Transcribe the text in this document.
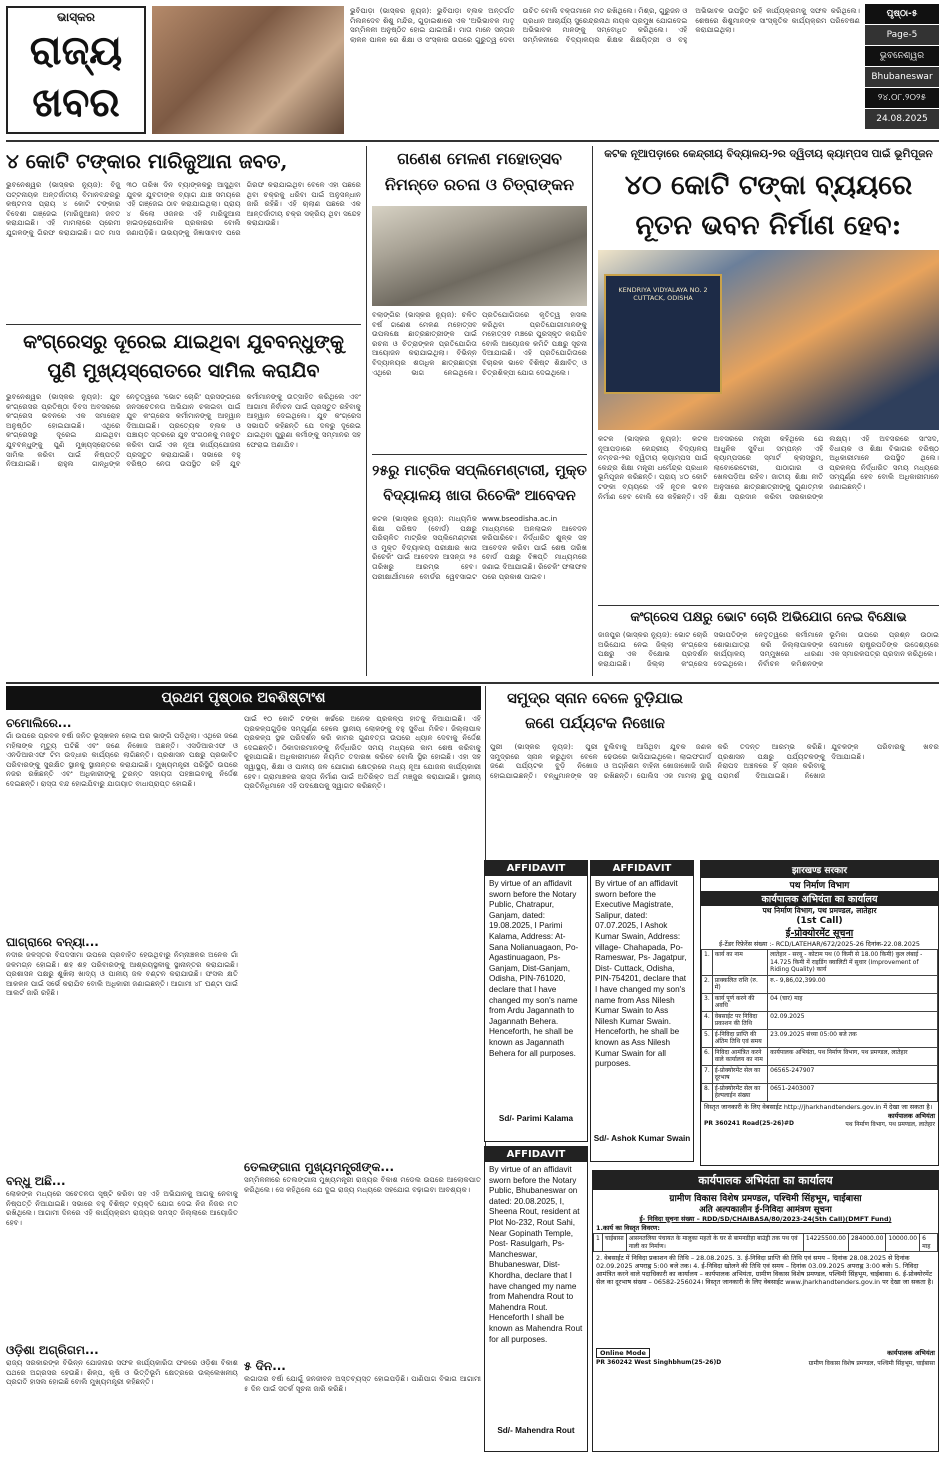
ଭାସ୍କର
ରାଜ୍ୟ
ଖବର
ଭୁବିପାଡ଼ା (ଭାସ୍କର ନ୍ୟୁଜ): ଭୁବିପାଡ଼ା ବ୍ଲକ ଅନ୍ତର୍ଗତ ମିଲନଦେବ ଶିଶୁ ମନ୍ଦିର, ଗୁଡ଼ାଇଶାରେ ଏକ 'ଅଭିଭାବକ ମାତୃ ସମ୍ମିଳନୀ ଅନୁଷ୍ଠିତ ହୋଇ ଯାଇଅଛି। ମାତା ମାନେ ସନ୍ତାନ ଲାଳନ ପାଳନ ରେ ଶିକ୍ଷା ଓ ସଂସ୍କାର ଉପରେ ଗୁରୁତ୍ୱ ଦେବା ଉଚିତ ବୋଲି ବକ୍ତାମାନେ ମତ ରଖିଥିଲେ। ମିଶ୍ର, ଗୁରୁଜନ ଓ ପ୍ରଧାନ ଆଚାର୍ଯ୍ୟ ସୁରେନ୍ଦ୍ରନାଥ ନାୟକ ପ୍ରମୁଖ ଯୋଗଦେଇ ଅଭିଭାବକ ମାନଙ୍କୁ ସମ୍ବୋଧିତ କରିଥିଲେ। ଏହି ସମ୍ମିଳନୀରେ ବିଦ୍ୟାଳୟର ଶିକ୍ଷକ ଶିକ୍ଷୟିତ୍ରୀ ଓ ବହୁ ଅଭିଭାବକ ଉପସ୍ଥିତ ରହି କାର୍ଯ୍ୟକ୍ରମକୁ ସଫଳ କରିଥିଲେ। ଶେଷରେ ଶିଶୁମାନଙ୍କ ସାଂସ୍କୃତିକ କାର୍ଯ୍ୟକ୍ରମ ପରିବେଷଣ କରାଯାଇଥିଲା।
ପୃଷ୍ଠା-୫
Page-5
ଭୁବନେଶ୍ୱର
Bhubaneswar
୨୪.୦୮.୨୦୨୫
24.08.2025
୪ କୋଟି ଟଙ୍କାର ମାରିଜୁଆନା ଜବତ,
ଭୁବନେଶ୍ୱର (ଭାସ୍କର ନ୍ୟୁଜ): ବିଜୁ ପଟ୍ଟନାୟକ ଅନ୍ତର୍ଜାତୀୟ ବିମାନବନ୍ଦରରୁ କଷ୍ଟମସ ପ୍ରାୟ ୪ କୋଟି ଟଙ୍କାର ବିଦେଶୀ ଗଞ୍ଜେଇ (ମାରିଜୁଆନା) ଜବତ କରାଯାଇଛି। ଏହି ମାମଲାରେ ପ୍ରେମୀ ଯୁଗଳଙ୍କୁ ଗିରଫ କରାଯାଇଛି। ଗତ ମାସ ୩୦ ତାରିଖ ଦିନ ବ୍ୟାଙ୍କକରୁ ଆସୁଥିବା ଯୁବକ ଯୁବତୀଙ୍କ ବ୍ୟାଗ ଯାଞ୍ଚ ସମୟରେ ଏହି ଗଞ୍ଜେଇ ଠାବ କରାଯାଇଥିଲା। ପ୍ରାୟ ୪ କିଲୋ ଓଜନର ଏହି ମାରିଜୁଆନା ହାଇଡ୍ରୋପୋନିକ ପ୍ରକାରର ବୋଲି ଜଣାପଡ଼ିଛି। ଉଭୟଙ୍କୁ ଜିଜ୍ଞାସାବାଦ ପରେ ଗିରଫ କରାଯାଇଥିବା ବେଳେ ଏହା ପଛରେ ଥିବା ଚକ୍ରକୁ ଧରିବା ପାଇଁ ଅନୁସନ୍ଧାନ ଜାରି ରହିଛି। ଏହି ଚାଲାଣ ପଛରେ ଏକ ଆନ୍ତର୍ଜାତୀୟ ଚକ୍ର ସକ୍ରିୟ ଥିବା ସନ୍ଦେହ କରାଯାଉଛି।
କଂଗ୍ରେସରୁ ଦୂରେଇ ଯାଇଥିବା ଯୁବବନ୍ଧୁଙ୍କୁ ପୁଣି ମୁଖ୍ୟସ୍ରୋତରେ ସାମିଲ କରାଯିବ
ଭୁବନେଶ୍ୱର (ଭାସ୍କର ନ୍ୟୁଜ): ଯୁବ କଂଗ୍ରେସର ପ୍ରତିଷ୍ଠା ଦିବସ ଅବସରରେ କଂଗ୍ରେସ ଭବନରେ ଏକ ସମାରୋହ ଅନୁଷ୍ଠିତ ହୋଇଯାଇଛି। ଏଥିରେ କଂଗ୍ରେସରୁ ଦୂରେଇ ଯାଇଥିବା ଯୁବବନ୍ଧୁଙ୍କୁ ପୁଣି ମୁଖ୍ୟସ୍ରୋତରେ ସାମିଲ କରିବା ପାଇଁ ନିଷ୍ପତ୍ତି ନିଆଯାଇଛି। ରାହୁଲ ଗାନ୍ଧିଙ୍କ ନେତୃତ୍ୱରେ 'ଭୋଟ ଚୋରି' ପ୍ରସଙ୍ଗରେ ଜନସଚେତନତା ଅଭିଯାନ ଚଳାଇବା ପାଇଁ ଯୁବ କଂଗ୍ରେସ କର୍ମୀମାନଙ୍କୁ ଆହ୍ୱାନ ଦିଆଯାଇଛି। ପ୍ରତ୍ୟେକ ବ୍ଲକ ଓ ପଞ୍ଚାୟତ ସ୍ତରରେ ଯୁବ ସଂଗଠନକୁ ମଜବୁତ କରିବା ପାଇଁ ଏକ ନୂଆ କାର୍ଯ୍ୟଯୋଜନା ପ୍ରସ୍ତୁତ କରାଯାଇଛି। ସଭାରେ ବହୁ ବରିଷ୍ଠ ନେତା ଉପସ୍ଥିତ ରହି ଯୁବ କର୍ମୀମାନଙ୍କୁ ଉତ୍ସାହିତ କରିଥିଲେ ଏବଂ ଆଗାମୀ ନିର୍ବାଚନ ପାଇଁ ପ୍ରସ୍ତୁତ ରହିବାକୁ ଆହ୍ୱାନ ଦେଇଥିଲେ। ଯୁବ କଂଗ୍ରେସ ସଭାପତି କହିଛନ୍ତି ଯେ ଦଳରୁ ଦୂରେଇ ଯାଇଥିବା ପୁରୁଣା କର୍ମୀଙ୍କୁ ସମ୍ମାନର ସହ ଫେରାଇ ଅଣାଯିବ।
ଗଣେଶ ମେଳଣ ମହୋତ୍ସବ ନିମନ୍ତେ ରଚନା ଓ ଚିତ୍ରାଙ୍କନ
ବଲାଙ୍ଗିର (ଭାସ୍କର ନ୍ୟୁଜ): ଚଳିତ ବର୍ଷ ଗଣେଶ ମେଳଣ ମହୋତ୍ସବ ଉପଲକ୍ଷେ ଛାତ୍ରଛାତ୍ରୀଙ୍କ ପାଇଁ ରଚନା ଓ ଚିତ୍ରାଙ୍କନ ପ୍ରତିଯୋଗିତା ଆୟୋଜନ କରାଯାଇଥିଲା। ବିଭିନ୍ନ ବିଦ୍ୟାଳୟର ଶତାଧିକ ଛାତ୍ରଛାତ୍ରୀ ଏଥିରେ ଭାଗ ନେଇଥିଲେ। ପ୍ରତିଯୋଗିତାରେ କୃତିତ୍ୱ ହାସଲ କରିଥିବା ପ୍ରତିଯୋଗୀମାନଙ୍କୁ ମହୋତ୍ସବ ମଞ୍ଚରେ ପୁରସ୍କୃତ କରାଯିବ ବୋଲି ଆୟୋଜକ କମିଟି ପକ୍ଷରୁ ସୂଚନା ଦିଆଯାଇଛି। ଏହି ପ୍ରତିଯୋଗିତାରେ ବିଚାରକ ଭାବେ ବିଶିଷ୍ଟ ଶିକ୍ଷାବିତ୍ ଓ ଚିତ୍ରଶିଳ୍ପୀ ଯୋଗ ଦେଇଥିଲେ।
୨୫ରୁ ମାଟ୍ରିକ ସପ୍ଲିମେଣ୍ଟାରୀ, ମୁକ୍ତ ବିଦ୍ୟାଳୟ ଖାତା ରିଚେକିଂ ଆବେଦନ
କଟକ (ଭାସ୍କର ନ୍ୟୁଜ): ମାଧ୍ୟମିକ ଶିକ୍ଷା ପରିଷଦ (ବୋର୍ଡ) ପକ୍ଷରୁ ପରିଚାଳିତ ମାଟ୍ରିକ ସପ୍ଲିମେଣ୍ଟାରୀ ଓ ମୁକ୍ତ ବିଦ୍ୟାଳୟ ପରୀକ୍ଷାର ଖାତା ରିଚେକିଂ ପାଇଁ ଆବେଦନ ଆସନ୍ତା ୨୫ ତାରିଖରୁ ଆରମ୍ଭ ହେବ। ପରୀକ୍ଷାର୍ଥୀମାନେ ବୋର୍ଡର ୱେବସାଇଟ www.bseodisha.ac.in ମାଧ୍ୟମରେ ଅନଲାଇନ ଆବେଦନ କରିପାରିବେ। ନିର୍ଦ୍ଧାରିତ ଶୁଳ୍କ ସହ ଆବେଦନ କରିବା ପାଇଁ ଶେଷ ତାରିଖ ବୋର୍ଡ ପକ୍ଷରୁ ବିଜ୍ଞପ୍ତି ମାଧ୍ୟମରେ ଜଣାଇ ଦିଆଯାଇଛି। ରିଚେକିଂ ଫଳାଫଳ ପରେ ପ୍ରକାଶ ପାଇବ।
କଟକ ନୂଆପଡ଼ାରେ କେନ୍ଦ୍ରୀୟ ବିଦ୍ୟାଳୟ-୨ର ଦ୍ୱିତୀୟ କ୍ୟାମ୍ପସ ପାଇଁ ଭୂମିପୂଜନ
୪୦ କୋଟି ଟଙ୍କା ବ୍ୟୟରେ ନୂତନ ଭବନ ନିର୍ମାଣ ହେବ:
KENDRIYA VIDYALAYA NO. 2
CUTTACK, ODISHA
କଟକ (ଭାସ୍କର ନ୍ୟୁଜ): କଟକ ନୂଆପଡ଼ାରେ କେନ୍ଦ୍ରୀୟ ବିଦ୍ୟାଳୟ ନମ୍ବର-୨ର ଦ୍ୱିତୀୟ କ୍ୟାମ୍ପସ ପାଇଁ କେନ୍ଦ୍ର ଶିକ୍ଷା ମନ୍ତ୍ରୀ ଧର୍ମେନ୍ଦ୍ର ପ୍ରଧାନ ଭୂମିପୂଜନ କରିଛନ୍ତି। ପ୍ରାୟ ୪୦ କୋଟି ଟଙ୍କା ବ୍ୟୟରେ ଏହି ନୂତନ ଭବନ ନିର୍ମାଣ ହେବ ବୋଲି ସେ କହିଛନ୍ତି। ଏହି ଅବସରରେ ମନ୍ତ୍ରୀ କହିଥିଲେ ଯେ ଆଧୁନିକ ସୁବିଧା ସମ୍ପନ୍ନ ଏହି କ୍ୟାମ୍ପସରେ ସ୍ମାର୍ଟ କ୍ଲାସରୁମ, ଲାବୋରେଟୋରୀ, ପାଠାଗାର ଓ ଖେଳପଡ଼ିଆ ରହିବ। ଜାତୀୟ ଶିକ୍ଷା ନୀତି ଅନୁସାରେ ଛାତ୍ରଛାତ୍ରୀଙ୍କୁ ଗୁଣାତ୍ମକ ଶିକ୍ଷା ପ୍ରଦାନ କରିବା ସରକାରଙ୍କ ଲକ୍ଷ୍ୟ। ଏହି ଅବସରରେ ସାଂସଦ, ବିଧାୟକ ଓ ଶିକ୍ଷା ବିଭାଗର ବରିଷ୍ଠ ଅଧିକାରୀମାନେ ଉପସ୍ଥିତ ଥିଲେ। ପ୍ରକଳ୍ପ ନିର୍ଦ୍ଧାରିତ ସମୟ ମଧ୍ୟରେ ସମ୍ପୂର୍ଣ୍ଣ ହେବ ବୋଲି ଅଧିକାରୀମାନେ ଜଣାଇଛନ୍ତି।
କଂଗ୍ରେସ ପକ୍ଷରୁ ଭୋଟ ଚୋରି ଅଭିଯୋଗ ନେଇ ବିକ୍ଷୋଭ
ଜାଜପୁର (ଭାସ୍କର ନ୍ୟୁଜ): ଭୋଟ ଚୋରି ଅଭିଯୋଗ ନେଇ ଜିଲ୍ଲା କଂଗ୍ରେସ ପକ୍ଷରୁ ଏକ ବିକ୍ଷୋଭ ପ୍ରଦର୍ଶନ କରାଯାଇଛି। ଜିଲ୍ଲା କଂଗ୍ରେସ ସଭାପତିଙ୍କ ନେତୃତ୍ୱରେ କର୍ମୀମାନେ ଶୋଭାଯାତ୍ରା କରି ଜିଲ୍ଲାପାଳଙ୍କ କାର୍ଯ୍ୟାଳୟ ସମ୍ମୁଖରେ ଧାରଣା ଦେଇଥିଲେ। ନିର୍ବାଚନ କମିଶନଙ୍କ ଭୂମିକା ଉପରେ ପ୍ରଶ୍ନ ଉଠାଇ ସେମାନେ ରାଷ୍ଟ୍ରପତିଙ୍କ ଉଦ୍ଦେଶ୍ୟରେ ଏକ ସ୍ମାରକପତ୍ର ପ୍ରଦାନ କରିଥିଲେ।
ପ୍ରଥମ ପୃଷ୍ଠାର ଅବଶିଷ୍ଟାଂଶ
ଚମୋଲିରେ...
ଗାଁ ଉପରେ ପ୍ରବଳ ବର୍ଷା ଜନିତ ଭୂସ୍ଖଳନ ହୋଇ ଘର ଭାଙ୍ଗି ପଡ଼ିଥିଲା। ଏଥିରେ ଜଣେ ମହିଳାଙ୍କ ମୃତ୍ୟୁ ଘଟିଛି ଏବଂ ଜଣେ ନିଖୋଜ ଅଛନ୍ତି। ଏସଡିଆରଏଫ ଓ ଏନଡିଆରଏଫ ଟିମ ଉଦ୍ଧାର କାର୍ଯ୍ୟରେ ଲାଗିଛନ୍ତି। ପ୍ରଶାସନ ପକ୍ଷରୁ ପ୍ରଭାବିତ ପରିବାରଙ୍କୁ ସୁରକ୍ଷିତ ସ୍ଥାନକୁ ସ୍ଥାନାନ୍ତର କରାଯାଇଛି। ମୁଖ୍ୟମନ୍ତ୍ରୀ ପରିସ୍ଥିତି ଉପରେ ନଜର ରଖିଛନ୍ତି ଏବଂ ଅଧିକାରୀଙ୍କୁ ତୁରନ୍ତ ସହାୟତା ପହଞ୍ଚାଇବାକୁ ନିର୍ଦ୍ଦେଶ ଦେଇଛନ୍ତି। ରାସ୍ତା ବନ୍ଦ ହୋଇଯିବାରୁ ଯାତାୟାତ ବାଧାପ୍ରାପ୍ତ ହୋଇଛି।
ଘାଗ୍ରାରେ ବନ୍ୟା...
ନଦୀର ଜଳସ୍ତର ବିପଦସୀମା ଉପରେ ପ୍ରବାହିତ ହେଉଥିବାରୁ ନିମ୍ନାଞ୍ଚଳର ଅନେକ ଗାଁ ଜଳମଗ୍ନ ହୋଇଛି। ଶହ ଶହ ପରିବାରଙ୍କୁ ଆଶ୍ରୟସ୍ଥଳୀକୁ ସ୍ଥାନାନ୍ତର କରାଯାଇଛି। ପ୍ରଶାସନ ପକ୍ଷରୁ ଶୁଖିଲା ଖାଦ୍ୟ ଓ ପାନୀୟ ଜଳ ବଣ୍ଟନ କରାଯାଉଛି। ଫସଲ କ୍ଷତି ଆକଳନ ପାଇଁ ସର୍ଭେ କରାଯିବ ବୋଲି ଅଧିକାରୀ ଜଣାଇଛନ୍ତି। ଆଗାମୀ ୪୮ ଘଣ୍ଟା ପାଇଁ ଆଲର୍ଟ ଜାରି ରହିଛି।
ବନ୍ଧୁ ଅଛି...
ଲୋକଙ୍କ ମଧ୍ୟରେ ସଚେତନତା ସୃଷ୍ଟି କରିବା ସହ ଏହି ଅଭିଯାନକୁ ଆଗକୁ ନେବାକୁ ନିଷ୍ପତ୍ତି ନିଆଯାଇଛି। ସଭାରେ ବହୁ ବିଶିଷ୍ଟ ବ୍ୟକ୍ତି ଯୋଗ ଦେଇ ନିଜ ନିଜର ମତ ରଖିଥିଲେ। ଆଗାମୀ ଦିନରେ ଏହି କାର୍ଯ୍ୟକ୍ରମ ରାଜ୍ୟର ସମସ୍ତ ଜିଲ୍ଲାରେ ଆୟୋଜିତ ହେବ।
ଓଡ଼ିଶା ଅଗ୍ରିଗମ...
ରାଜ୍ୟ ସରକାରଙ୍କ ବିଭିନ୍ନ ଯୋଜନାର ସଫଳ କାର୍ଯ୍ୟକାରିତା ଫଳରେ ଓଡ଼ିଶା ବିକାଶ ପଥରେ ଅଗ୍ରସର ହେଉଛି। ଶିଳ୍ପ, କୃଷି ଓ ଭିତ୍ତିଭୂମି କ୍ଷେତ୍ରରେ ଉଲ୍ଲେଖନୀୟ ପ୍ରଗତି ହାସଲ ହୋଇଛି ବୋଲି ମୁଖ୍ୟମନ୍ତ୍ରୀ କହିଛନ୍ତି।
ପାଇଁ ୧୦ କୋଟି ଟଙ୍କା ଖର୍ଚ୍ଚରେ ଅନେକ ପ୍ରକଳ୍ପ ହାତକୁ ନିଆଯାଇଛି। ଏହି ପ୍ରକଳ୍ପଗୁଡ଼ିକ ସମ୍ପୂର୍ଣ୍ଣ ହେଲେ ସ୍ଥାନୀୟ ଲୋକଙ୍କୁ ବହୁ ସୁବିଧା ମିଳିବ। ଜିଲ୍ଲାପାଳ ପ୍ରକଳ୍ପ ସ୍ଥଳ ପରିଦର୍ଶନ କରି କାମର ଗୁଣବତ୍ତା ଉପରେ ଧ୍ୟାନ ଦେବାକୁ ନିର୍ଦ୍ଦେଶ ଦେଇଛନ୍ତି। ଠିକାଦାରମାନଙ୍କୁ ନିର୍ଦ୍ଧାରିତ ସମୟ ମଧ୍ୟରେ କାମ ଶେଷ କରିବାକୁ କୁହାଯାଇଛି। ଅଧିକାରୀମାନେ ନିୟମିତ ତଦାରଖ କରିବେ ବୋଲି ସ୍ଥିର ହୋଇଛି। ଏହା ସହ ସ୍ୱାସ୍ଥ୍ୟ, ଶିକ୍ଷା ଓ ପାନୀୟ ଜଳ ଯୋଗାଣ କ୍ଷେତ୍ରରେ ମଧ୍ୟ ନୂଆ ଯୋଜନା କାର୍ଯ୍ୟକାରୀ ହେବ। ଗ୍ରାମାଞ୍ଚଳର ରାସ୍ତା ନିର୍ମାଣ ପାଇଁ ଅତିରିକ୍ତ ଅର୍ଥ ମଞ୍ଜୁର କରାଯାଇଛି। ସ୍ଥାନୀୟ ପ୍ରତିନିଧିମାନେ ଏହି ପଦକ୍ଷେପକୁ ସ୍ୱାଗତ କରିଛନ୍ତି।
ତେଲଙ୍ଗାନା ମୁଖ୍ୟମନ୍ତ୍ରୀଙ୍କ...
ସମ୍ମିଳନୀରେ ତେଲଙ୍ଗାନା ମୁଖ୍ୟମନ୍ତ୍ରୀ ରାଜ୍ୟର ବିକାଶ ମଡେଲ ଉପରେ ଆଲୋକପାତ କରିଥିଲେ। ସେ କହିଥିଲେ ଯେ ଦୁଇ ରାଜ୍ୟ ମଧ୍ୟରେ ସହଯୋଗ ବଢ଼ାଇବା ଆବଶ୍ୟକ।
୫ ଦିନ...
ଲଗାତାର ବର୍ଷା ଯୋଗୁଁ ଜନଜୀବନ ଅସ୍ତବ୍ୟସ୍ତ ହୋଇପଡ଼ିଛି। ପାଣିପାଗ ବିଭାଗ ଆଗାମୀ ୫ ଦିନ ପାଇଁ ସତର୍କ ସୂଚନା ଜାରି କରିଛି।
ସମୁଦ୍ର ସ୍ନାନ ବେଳେ ବୁଡ଼ିଯାଇ ଜଣେ ପର୍ଯ୍ୟଟକ ନିଖୋଜ
ପୁରୀ (ଭାସ୍କର ନ୍ୟୁଜ): ପୁରୀ ସମୁଦ୍ରରେ ସ୍ନାନ କରୁଥିବା ବେଳେ ଜଣେ ପର୍ଯ୍ୟଟକ ବୁଡ଼ି ନିଖୋଜ ହୋଇଯାଇଛନ୍ତି। ବନ୍ଧୁମାନଙ୍କ ସହ ବୁଲିବାକୁ ଆସିଥିବା ଯୁବକ ଜଣକ ଢେଉରେ ଭାସିଯାଇଥିଲେ। ଲାଇଫଗାର୍ଡ ଓ ଅଗ୍ନିଶମ ବାହିନୀ ଖୋଜାଖୋଜି ଜାରି ରଖିଛନ୍ତି। ପୋଲିସ ଏକ ମାମଲା ରୁଜୁ କରି ତଦନ୍ତ ଆରମ୍ଭ କରିଛି। ପ୍ରଶାସନ ପକ୍ଷରୁ ପର୍ଯ୍ୟଟକଙ୍କୁ ନିରାପଦ ଅଞ୍ଚଳରେ ହିଁ ସ୍ନାନ କରିବାକୁ ପରାମର୍ଶ ଦିଆଯାଇଛି। ନିଖୋଜ ଯୁବକଙ୍କ ପରିବାରକୁ ଖବର ଦିଆଯାଇଛି।
AFFIDAVIT
By virtue of an affidavit sworn before the Notary Public, Chatrapur, Ganjam, dated: 19.08.2025, I Parimi Kalama, Address: At-Sana Nolianuagaon, Po-Agastinuagaon, Ps-Ganjam, Dist-Ganjam, Odisha, PIN-761020, declare that I have changed my son's name from Ardu Jagannath to Jagannath Behera. Henceforth, he shall be known as Jagannath Behera for all purposes.
Sd/- Parimi Kalama
AFFIDAVIT
By virtue of an affidavit sworn before the Executive Magistrate, Salipur, dated: 07.07.2025, I Ashok Kumar Swain, Address: village- Chahapada, Po- Rameswar, Ps- Jagatpur, Dist- Cuttack, Odisha, PIN-754201, declare that I have changed my son's name from Ass Nilesh Kumar Swain to Ass Nilesh Kumar Swain. Henceforth, he shall be known as Ass Nilesh Kumar Swain for all purposes.
Sd/- Ashok Kumar Swain
AFFIDAVIT
By virtue of an affidavit sworn before the Notary Public, Bhubaneswar on dated: 20.08.2025, I, Sheena Rout, resident at Plot No-232, Rout Sahi, Near Gopinath Temple, Post- Rasulgarh, Ps- Mancheswar, Bhubaneswar, Dist- Khordha, declare that I have changed my name from Mahendra Rout to Mahendra Rout. Henceforth I shall be known as Mahendra Rout for all purposes.
Sd/- Mahendra Rout
झारखण्ड सरकार
पथ निर्माण विभाग
कार्यपालक अभियंता का कार्यालय
पथ निर्माण विभाग, पथ प्रमण्डल, लातेहार
(1st Call)
ई-प्रोक्योरमेंट सूचना
ई-टेंडर रिफ़ेरेंस संख्या :- RCD/LATEHAR/672/2025-26 दिनांक-22.08.2025
1.	कार्य का नाम	लातेहार - सरयू - कोटाम पथ (0 किमी से 18.00 किमी) कुल लंबाई - 14.725 किमी में राइडिंग क्वालिटी में सुधार (Improvement of Riding Quality) कार्य
2.	प्राक्कलित राशि (रु. में)	रु.- 9,86,02,399.00
3.	कार्य पूर्ण करने की अवधि	04 (चार) माह
4.	वेबसाईट पर निविदा प्रकाशन की तिथि	02.09.2025
5.	ई-निविदा प्राप्ति की अंतिम तिथि एवं समय	23.09.2025 संध्या 05:00 बजे तक
6.	निविदा आमंत्रित करने वाले कार्यालय का नाम	कार्यपालक अभियंता, पथ निर्माण विभाग, पथ प्रमण्डल, लातेहार
7.	ई-प्रोक्योरमेंट सेल का दूरभाष	06565-247907
8.	ई-प्रोक्योरमेंट सेल का हेल्पलाईन संख्या	0651-2403007
विस्तृत जानकारी के लिए वेबसाईट http://jharkhandtenders.gov.in में देखा जा सकता है।
कार्यपालक अभियंता
PR 360241 Road(25-26)#D	पथ निर्माण विभाग, पथ प्रमण्डल, लातेहार
कार्यपालक अभियंता का कार्यालय
ग्रामीण विकास विशेष प्रमण्डल, पश्चिमी सिंहभूम, चाईबासा
अति अल्पकालीन ई-निविदा आमंत्रण सूचना
ई- निविदा सूचना संख्या – RDD/SD/CHAIBASA/80/2023-24(5th Call)(DMFT Fund)
1.कार्य का विस्तृत विवरण:
1	चाईबासा	आसनतलिया पंचायत के मालुका महतो के घर से बामनडीहा बाउंड्री तक पथ एवं नाली का निर्माण।	14225500.00	284000.00	10000.00	6 माह
2. वेबसाईट में निविदा प्रकाशन की तिथि – 28.08.2025. 3. ई-निविदा प्राप्ति की तिथि एवं समय – दिनांक 28.08.2025 से दिनांक 02.09.2025 अपराह्न 5:00 बजे तक। 4. ई-निविदा खोलने की तिथि एवं समय – दिनांक 03.09.2025 अपराह्न 3:00 बजे। 5. निविदा आमंत्रित करने वाले पदाधिकारी का कार्यालय – कार्यपालक अभियंता, ग्रामीण विकास विशेष प्रमण्डल, पश्चिमी सिंहभूम, चाईबासा। 6. ई-प्रोक्योरमेंट सेल का दूरभाष संख्या – 06582-256024। विस्तृत जानकारी के लिए वेबसाईट www.jharkhandtenders.gov.in पर देखा जा सकता है।
Online Mode	कार्यपालक अभियंता
PR 360242 West Singhbhum(25-26)D	ग्रामीण विकास विशेष प्रमण्डल, पश्चिमी सिंहभूम, चाईबासा
